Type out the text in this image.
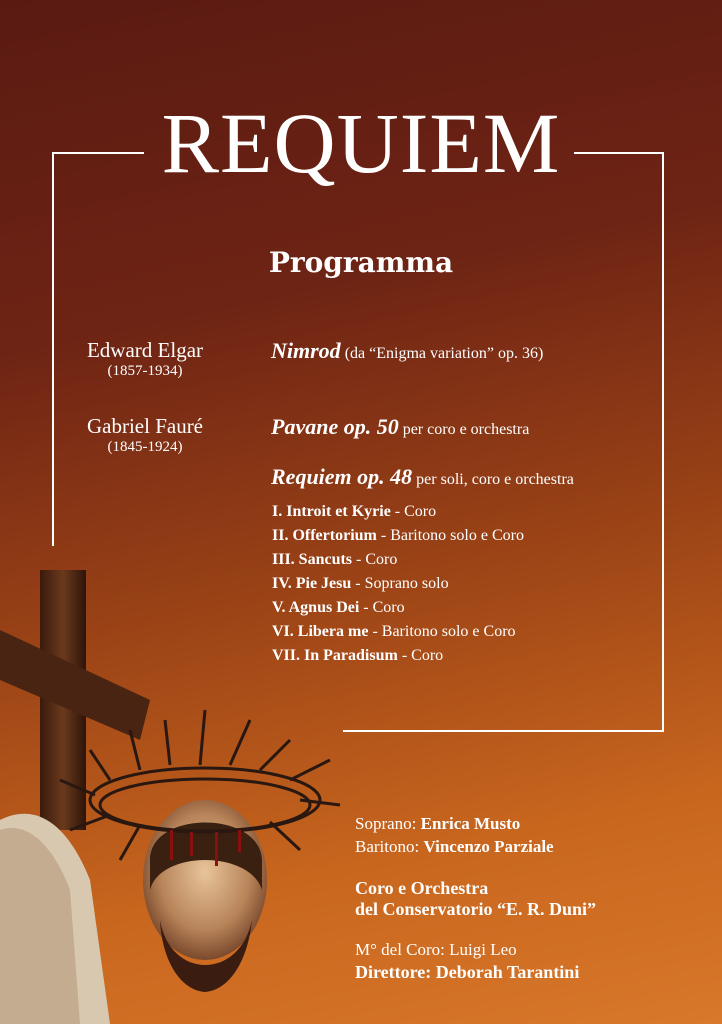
REQUIEM
Programma
Edward Elgar
(1857-1934)
Nimrod (da “Enigma variation” op. 36)
Gabriel Fauré
(1845-1924)
Pavane op. 50 per coro e orchestra
Requiem op. 48 per soli, coro e orchestra
I. Introit et Kyrie - Coro
II. Offertorium - Baritono solo e Coro
III. Sancuts - Coro
IV. Pie Jesu - Soprano solo
V. Agnus Dei - Coro
VI. Libera me - Baritono solo e Coro
VII. In Paradisum - Coro
Soprano: Enrica Musto
Baritono: Vincenzo Parziale
Coro e Orchestra
del Conservatorio “E. R. Duni”
M° del Coro: Luigi Leo
Direttore: Deborah Tarantini
